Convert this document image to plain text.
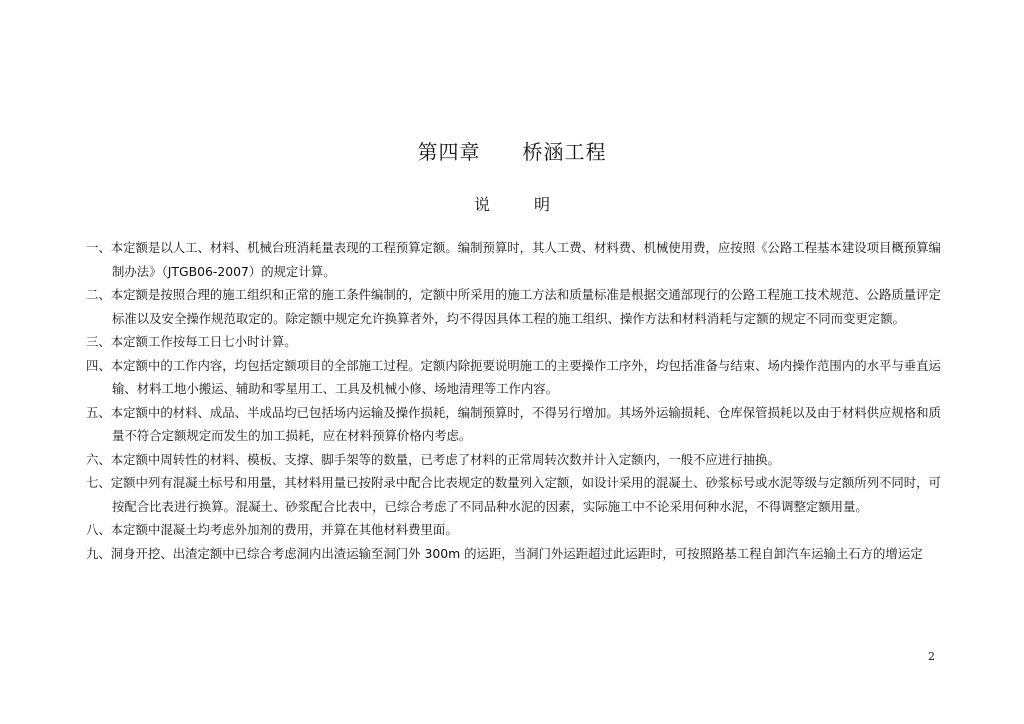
第四章 桥涵工程
说	明

一、本定额是以人工、材料、机械台班消耗量表现的工程预算定额。编制预算时，其人工费、材料费、机械使用费，应按照《公路工程基本建设项目概预算编制办法》（JTGB06-2007）的规定计算。

二、本定额是按照合理的施工组织和正常的施工条件编制的，定额中所采用的施工方法和质量标准是根据交通部现行的公路工程施工技术规范、公路质量评定标准以及安全操作规范取定的。除定额中规定允许换算者外，均不得因具体工程的施工组织、操作方法和材料消耗与定额的规定不同而变更定额。

三、本定额工作按每工日七小时计算。

四、本定额中的工作内容，均包括定额项目的全部施工过程。定额内除扼要说明施工的主要操作工序外，均包括准备与结束、场内操作范围内的水平与垂直运输、材料工地小搬运、辅助和零星用工、工具及机械小修、场地清理等工作内容。

五、本定额中的材料、成品、半成品均已包括场内运输及操作损耗，编制预算时，不得另行增加。其场外运输损耗、仓库保管损耗以及由于材料供应规格和质量不符合定额规定而发生的加工损耗，应在材料预算价格内考虑。

六、本定额中周转性的材料、模板、支撑、脚手架等的数量，已考虑了材料的正常周转次数并计入定额内，一般不应进行抽换。

七、定额中列有混凝土标号和用量，其材料用量已按附录中配合比表规定的数量列入定额，如设计采用的混凝土、砂浆标号或水泥等级与定额所列不同时，可按配合比表进行换算。混凝土、砂浆配合比表中，已综合考虑了不同品种水泥的因素，实际施工中不论采用何种水泥，不得调整定额用量。

八、本定额中混凝土均考虑外加剂的费用，并算在其他材料费里面。

九、洞身开挖、出渣定额中已综合考虑洞内出渣运输至洞门外 300m 的运距，当洞门外运距超过此运距时，可按照路基工程自卸汽车运输土石方的增运定

2
